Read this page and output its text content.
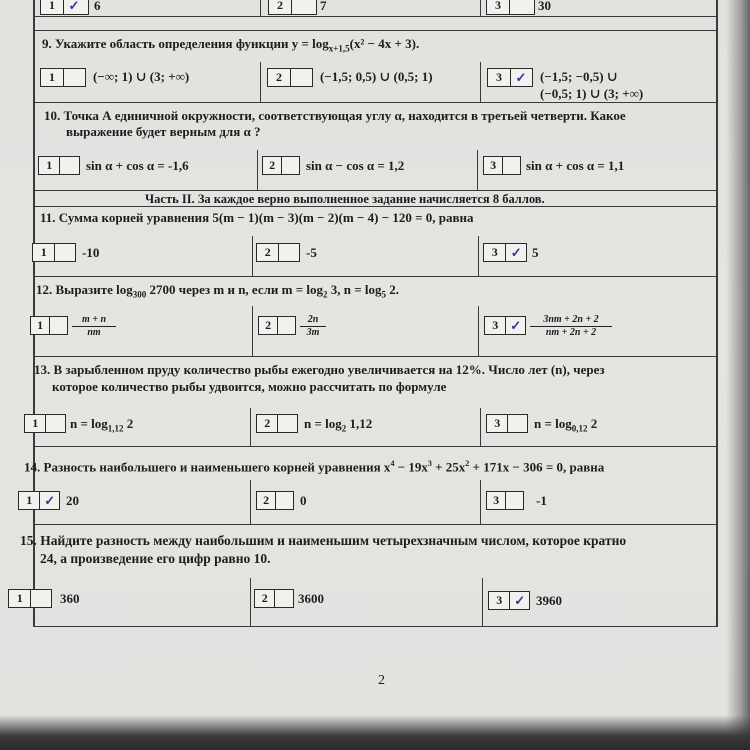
1	✓	6	2	7	3	30
9. Укажите область определения функции $y = \log_{x+1,5}(x^2 - 4x + 3)$.
1	(−∞; 1) ∪ (3; +∞)	2	(−1,5; 0,5) ∪ (0,5; 1)	3	✓	(−1,5; −0,5) ∪
(−0,5; 1) ∪ (3; +∞)
10. Точка А единичной окружности, соответствующая углу α, находится в третьей четверти. Какое
выражение будет верным для α ?
1	sin α + cos α = -1,6	2	sin α − cos α = 1,2	3	sin α + cos α = 1,1
Часть II. За каждое верно выполненное задание начисляется 8 баллов.
11. Сумма корней уравнения 5(m − 1)(m − 3)(m − 2)(m − 4) − 120 = 0, равна
1	-10	2	-5	3	✓ 5
12. Выразите $\log_{300} 2700$ через m и n, если $m = \log_2 3$, $n = \log_5 2$.
1	$\frac{m + n}{nm}$	2	$\frac{2n}{3m}$	3 ✓ $\frac{3nm + 2n + 2}{nm + 2n + 2}$
13. В зарыбленном пруду количество рыбы ежегодно увеличивается на 12%. Число лет (n), через
которое количество рыбы удвоится, можно рассчитать по формуле
1	$n = \log_{1,12} 2$	2	$n = \log_2 1,12$	3	$n = \log_{0,12} 2$
14. Разность наибольшего и наименьшего корней уравнения $x^4 - 19x^3 + 25x^2 + 171x - 306 = 0$, равна
1 ✓ 20	2	0	3	-1
15. Найдите разность между наибольшим и наименьшим четырехзначным числом, которое кратно
24, а произведение его цифр равно 10.
1	360	2	3600	3 ✓ 3960
2
